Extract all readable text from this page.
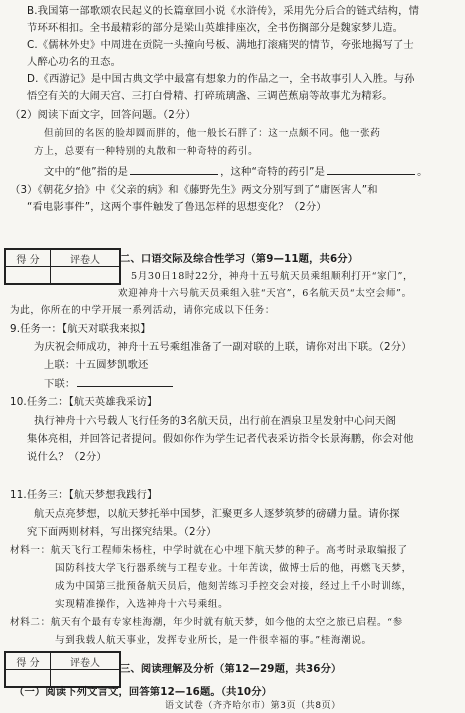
B.我国第一部歌颂农民起义的长篇章回小说《水浒传》，采用先分后合的链式结构，情
节环环相扣。全书最精彩的部分是梁山英雄排座次，全书伤搁部分是魏家梦儿造。
C.《儒林外史》中周进在贡院一头撞向号板、满地打滚痛哭的情节，夸张地揭写了士
人醉心功名的丑态。
D.《西游记》是中国古典文学中最富有想象力的作品之一，全书故事引人入胜。与孙
悟空有关的大闹天宫、三打白骨精、打碎琉璃盏、三调芭蕉扇等故事尤为精彩。
（2）阅读下面文字，回答问题。（2分）
但前回的名医的脸却圆而胖的，他一般长石胖了：这一点颇不同。他一张药
方上，总要有一种特别的丸散和一种奇特的药引。
文中的“他”指的是	，这种“奇特的药引”是	。
（3）《朝花夕拾》中《父亲的病》和《藤野先生》两文分别写到了“庸医害人”和
“看电影事件”，这两个事件触发了鲁迅怎样的思想变化？（2分）
得 分	评卷人
	二、口语交际及综合性学习（第9—11题，共6分）
5月30日18时22分，神舟十五号航天员乘组顺利打开“家门”，
欢迎神舟十六号航天员乘组入驻“天宫”，6名航天员“太空会师”。
为此，你所在的中学开展一系列活动，请你完成以下任务：
9.任务一：【航天对联我来拟】
为庆祝会师成功，神舟十五号乘组准备了一副对联的上联，请你对出下联。（2分）
上联：十五圆梦凯歌还
下联：
10.任务二：【航天英雄我采访】
执行神舟十六号载人飞行任务的3名航天员，出行前在酒泉卫星发射中心问天阁
集体亮相，并回答记者提问。假如你作为学生记者代表采访指令长景海鹏，你会对他
说什么？（2分）
11.任务三：【航天梦想我践行】
航天点亮梦想，以航天梦托举中国梦，汇聚更多人逐梦筑梦的磅礴力量。请你探
究下面两则材料，写出探究结果。（2分）
材料一：航天飞行工程师朱杨柱，中学时就在心中埋下航天梦的种子。高考时录取编报了
国防科技大学飞行器系统与工程专业。十年苦读，做博士后的他，再燃飞天梦，
成为中国第三批预备航天员后，他刻苦练习手控交会对接，经过上千小时训练，
实现精准操作，入选神舟十六号乘组。
材料二：航天有个最有专家桂海潮，年少时就有航天梦，如今他的太空之旅已启程。“参
与到我载人航天事业，发挥专业所长，是一件很幸福的事。”桂海潮说。
得 分	评卷人
	三、阅读理解及分析（第12—29题，共36分）
（一）阅读下列文言文，回答第12—16题。（共10分）
语文试卷（齐齐哈尔市）第3页（共8页）
